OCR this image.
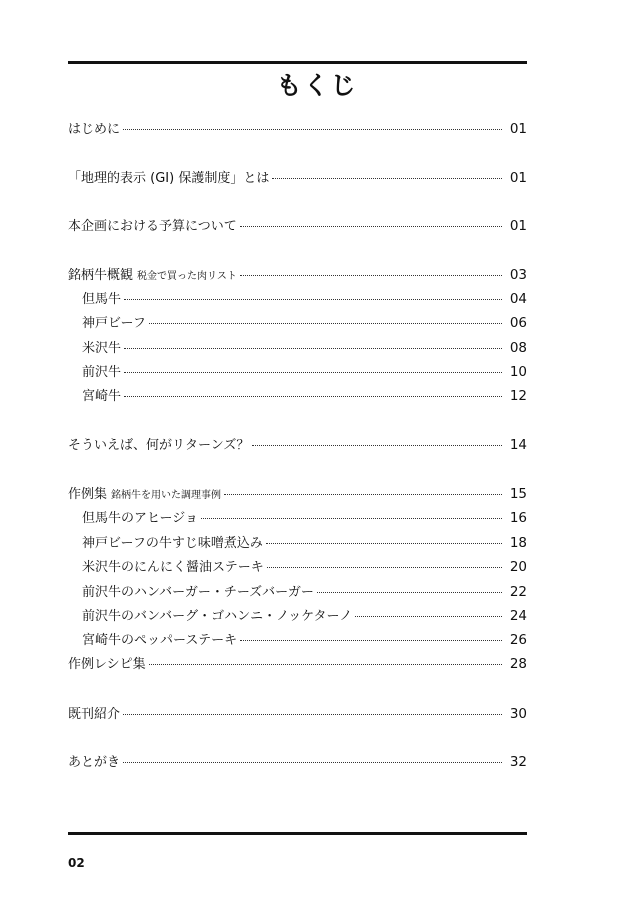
もくじ
はじめに	01
「地理的表示 (GI) 保護制度」とは	01
本企画における予算について	01
銘柄牛概観 税金で買った肉リスト	03
但馬牛	04
神戸ビーフ	06
米沢牛	08
前沢牛	10
宮崎牛	12
そういえば、何がリターンズ？	14
作例集 銘柄牛を用いた調理事例	15
但馬牛のアヒージョ	16
神戸ビーフの牛すじ味噌煮込み	18
米沢牛のにんにく醤油ステーキ	20
前沢牛のハンバーガー・チーズバーガー	22
前沢牛のバンバーグ・ゴハンニ・ノッケターノ	24
宮崎牛のペッパーステーキ	26
作例レシピ集	28
既刊紹介	30
あとがき	32
02
